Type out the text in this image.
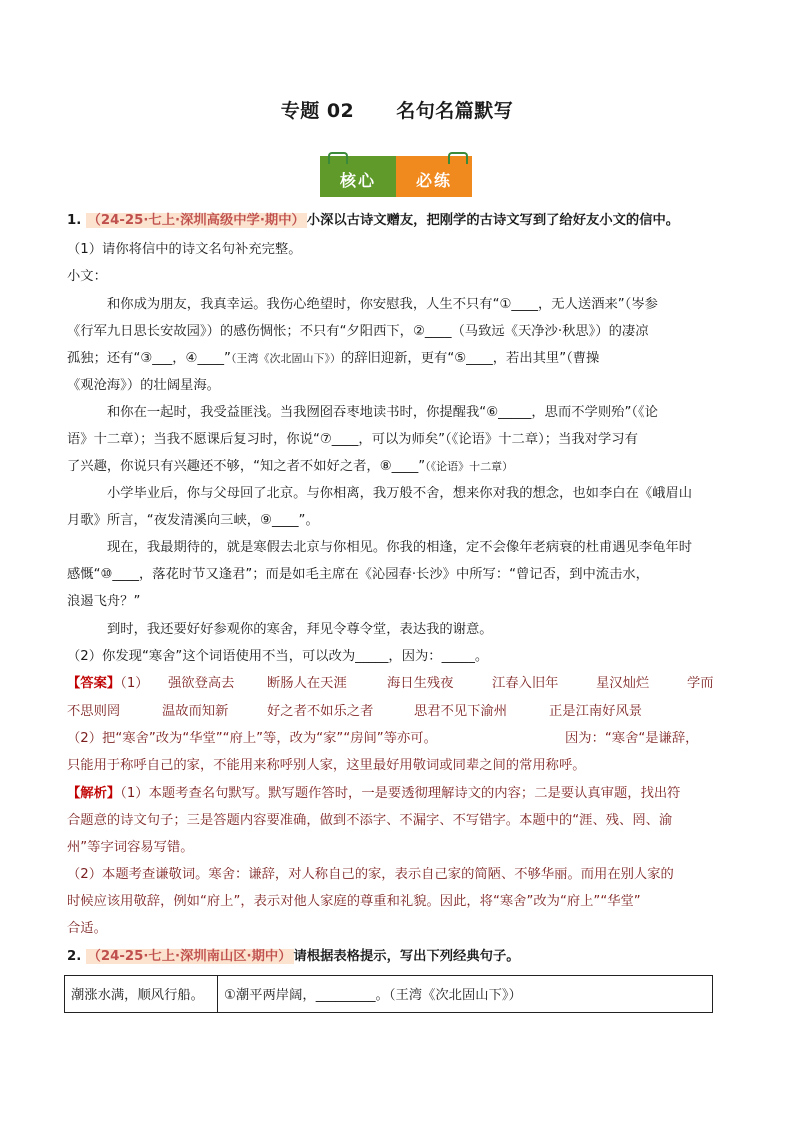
专题 02 名句名篇默写
核心	必练
1. （24-25·七上·深圳高级中学·期中） 小深以古诗文赠友，把刚学的古诗文写到了给好友小文的信中。
（1）请你将信中的诗文名句补充完整。
小文：
和你成为朋友，我真幸运。我伤心绝望时，你安慰我，人生不只有“①____，无人送酒来”（岑参
《行军九日思长安故园》）的感伤惆怅；不只有“夕阳西下，②____（马致远《天净沙·秋思》）的凄凉
孤独；还有“③___，④____”（王湾《次北固山下》）的辞旧迎新，更有“⑤____，若出其里”（曹操
《观沧海》）的壮阔星海。
和你在一起时，我受益匪浅。当我囫囵吞枣地读书时，你提醒我“⑥_____，思而不学则殆”（《论
语》十二章）；当我不愿课后复习时，你说“⑦____，可以为师矣”（《论语》十二章）；当我对学习有
了兴趣，你说只有兴趣还不够，“知之者不如好之者，⑧____”（《论语》十二章）
小学毕业后，你与父母回了北京。与你相离，我万般不舍，想来你对我的想念，也如李白在《峨眉山
月歌》所言，“夜发清溪向三峡，⑨____”。
现在，我最期待的，就是寒假去北京与你相见。你我的相逢，定不会像年老病衰的杜甫遇见李龟年时
感慨“⑩____，落花时节又逢君”；而是如毛主席在《沁园春·长沙》中所写：“曾记否，到中流击水，
浪遏飞舟？”
到时，我还要好好参观你的寒舍，拜见令尊令堂，表达我的谢意。
（2）你发现“寒舍”这个词语使用不当，可以改为_____，因为：_____。
【答案】（1） 强欲登高去 断肠人在天涯	海日生残夜	江春入旧年	星汉灿烂	学而
不思则罔	温故而知新	好之者不如乐之者	思君不见下渝州	正是江南好风景
（2）把“寒舍”改为“华堂”“府上”等，改为“家”“房间”等亦可。	因为：“寒舍“是谦辞，
只能用于称呼自己的家，不能用来称呼别人家，这里最好用敬词或同辈之间的常用称呼。
【解析】（1）本题考查名句默写。默写题作答时，一是要透彻理解诗文的内容；二是要认真审题，找出符
合题意的诗文句子；三是答题内容要准确，做到不添字、不漏字、不写错字。本题中的“涯、残、罔、渝
州”等字词容易写错。
（2）本题考查谦敬词。寒舍：谦辞，对人称自己的家，表示自己家的简陋、不够华丽。而用在别人家的
时候应该用敬辞，例如“府上”，表示对他人家庭的尊重和礼貌。因此，将“寒舍”改为“府上”“华堂”
合适。
2. （24-25·七上·深圳南山区·期中） 请根据表格提示，写出下列经典句子。
潮涨水满，顺风行船。 ①潮平两岸阔，_________。（王湾《次北固山下》）
